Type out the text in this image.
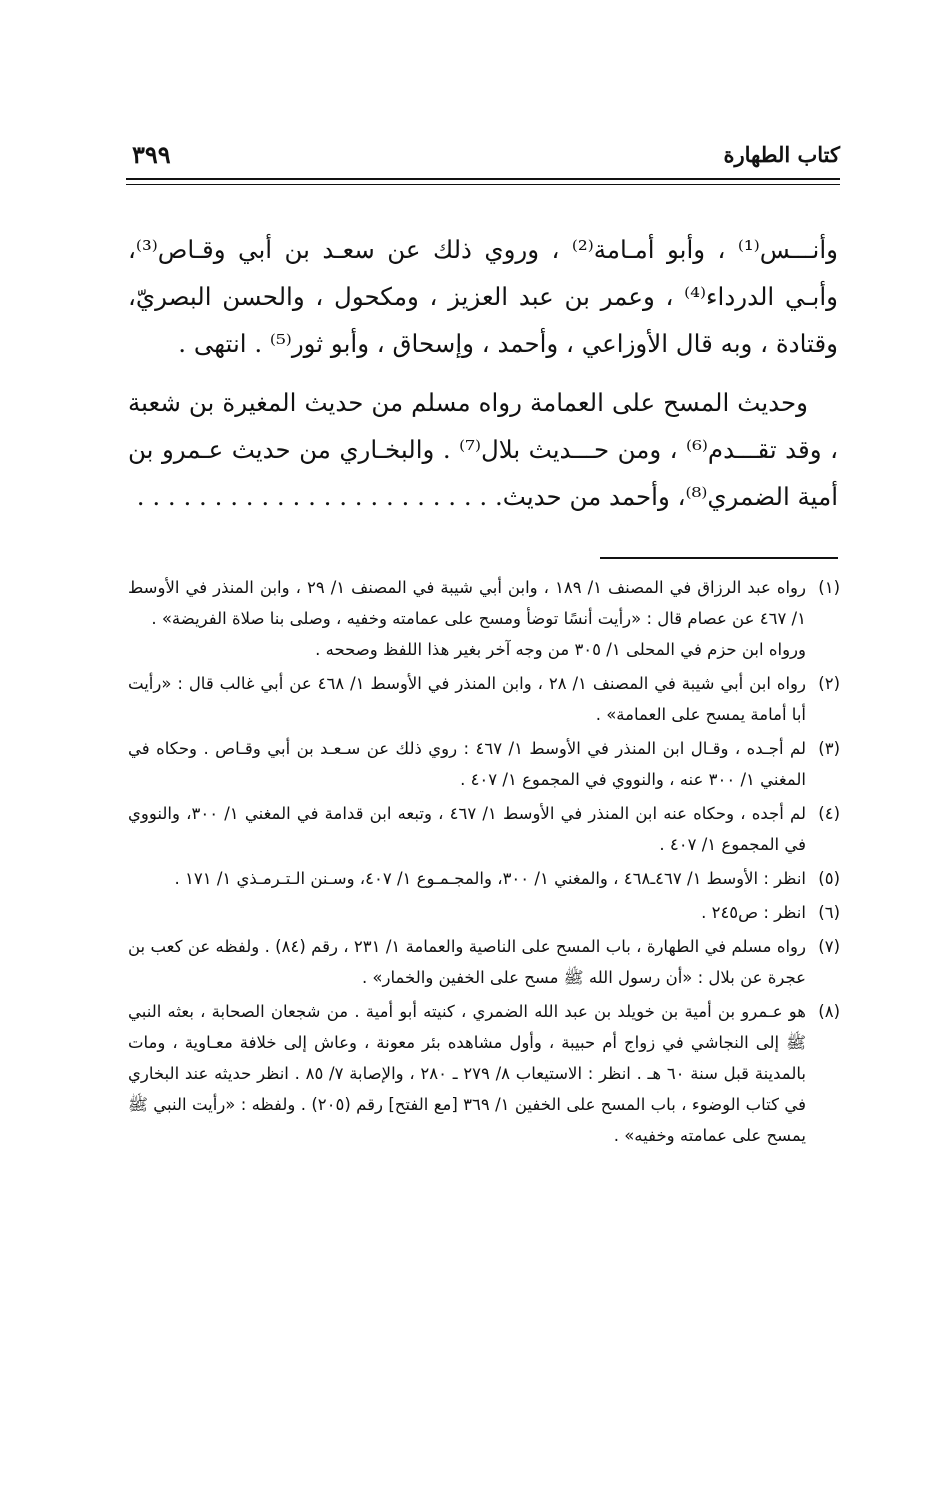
كتاب الطهارة
٣٩٩

وأنـــس⁽¹⁾ ، وأبو أمـامة⁽²⁾ ، وروي ذلك عن سعـد بن أبي وقـاص⁽³⁾، وأبـي الدرداء⁽⁴⁾ ، وعمر بن عبد العزيز ، ومكحول ، والحسن البصريّ، وقتادة ، وبه قال الأوزاعي ، وأحمد ، وإسحاق ، وأبو ثور⁽⁵⁾ . انتهى .

وحديث المسح على العمامة رواه مسلم من حديث المغيرة بن شعبة ، وقد تقـــدم⁽⁶⁾ ، ومن حـــديث بلال⁽⁷⁾ . والبخـاري من حديث عـمرو بن أمية الضمري⁽⁸⁾، وأحمد من حديث. . . . . . . . . . . . . . . . . . . . . . . .

(١)
رواه عبد الرزاق في المصنف ١/ ١٨٩ ، وابن أبي شيبة في المصنف ١/ ٢٩ ، وابن المنذر في الأوسط ١/ ٤٦٧ عن عصام قال : «رأيت أنسًا توضأ ومسح على عمامته وخفيه ، وصلى بنا صلاة الفريضة» .
ورواه ابن حزم في المحلى ١/ ٣٠٥ من وجه آخر بغير هذا اللفظ وصححه .
(٢)
رواه ابن أبي شيبة في المصنف ١/ ٢٨ ، وابن المنذر في الأوسط ١/ ٤٦٨ عن أبي غالب قال : «رأيت أبا أمامة يمسح على العمامة» .
(٣)
لم أجـده ، وقـال ابن المنذر في الأوسط ١/ ٤٦٧ : روي ذلك عن سـعـد بن أبي وقـاص . وحكاه في المغني ١/ ٣٠٠ عنه ، والنووي في المجموع ١/ ٤٠٧ .
(٤)
لم أجده ، وحكاه عنه ابن المنذر في الأوسط ١/ ٤٦٧ ، وتبعه ابن قدامة في المغني ١/ ٣٠٠، والنووي في المجموع ١/ ٤٠٧ .
(٥)
انظر : الأوسط ١/ ٤٦٧ـ٤٦٨ ، والمغني ١/ ٣٠٠، والمجـمـوع ١/ ٤٠٧، وسـنن الـتـرمـذي ١/ ١٧١ .
(٦)
انظر : ص٢٤٥ .
(٧)
رواه مسلم في الطهارة ، باب المسح على الناصية والعمامة ١/ ٢٣١ ، رقم (٨٤) . ولفظه عن كعب بن عجرة عن بلال : «أن رسول الله ﷺ مسح على الخفين والخمار» .
(٨)
هو عـمرو بن أمية بن خويلد بن عبد الله الضمري ، كنيته أبو أمية . من شجعان الصحابة ، بعثه النبي ﷺ إلى النجاشي في زواج أم حبيبة ، وأول مشاهده بئر معونة ، وعاش إلى خلافة معـاوية ، ومات بالمدينة قبل سنة ٦٠ هـ . انظر : الاستيعاب ٨/ ٢٧٩ ـ ٢٨٠ ، والإصابة ٧/ ٨٥ . انظر حديثه عند البخاري في كتاب الوضوء ، باب المسح على الخفين ١/ ٣٦٩ [مع الفتح] رقم (٢٠٥) . ولفظه : «رأيت النبي ﷺ يمسح على عمامته وخفيه» .
